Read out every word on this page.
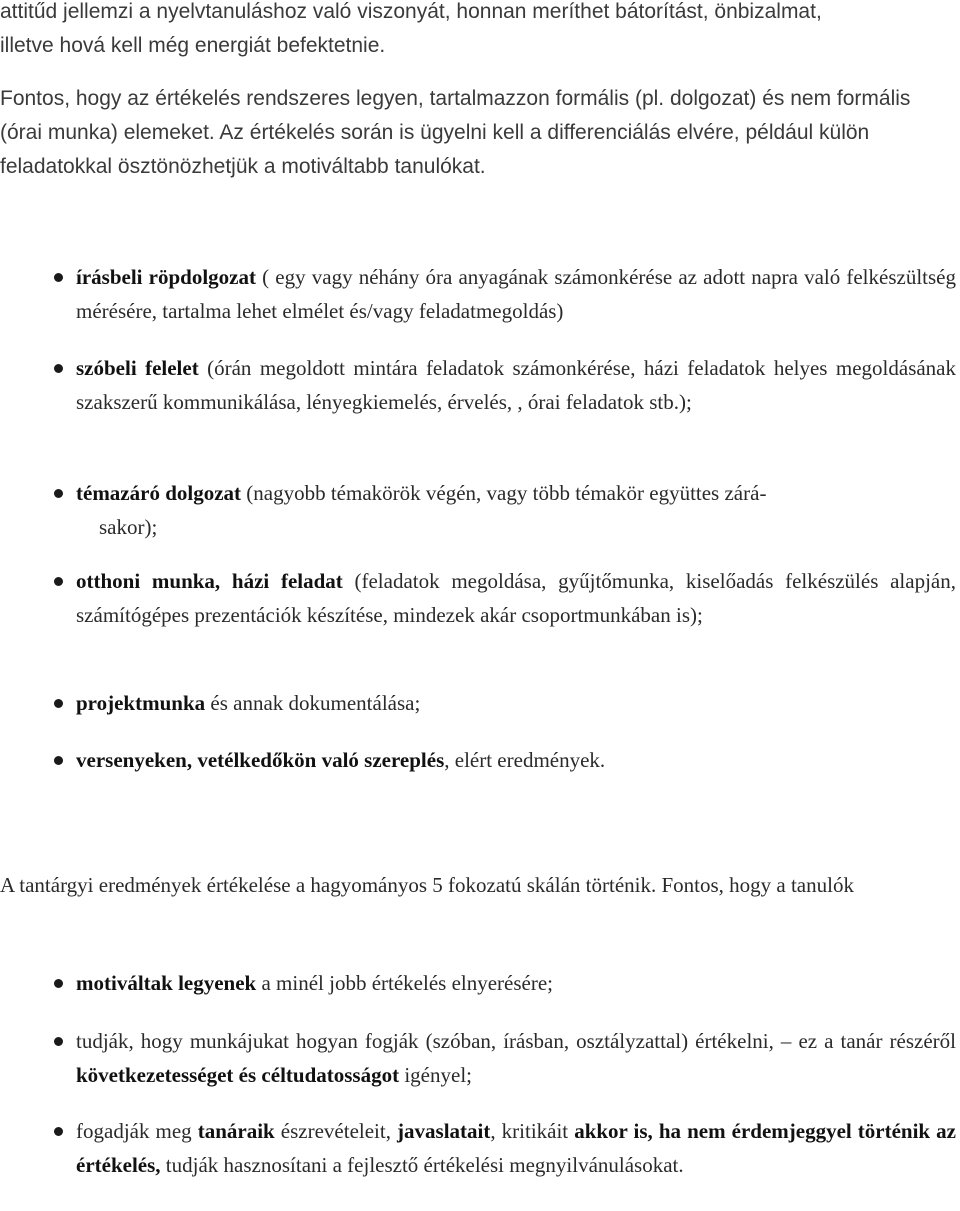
attitűd jellemzi a nyelvtanuláshoz való viszonyát, honnan meríthet bátorítást, önbizalmat,
illetve hová kell még energiát befektetnie.

Fontos, hogy az értékelés rendszeres legyen, tartalmazzon formális (pl. dolgozat) és nem formális (órai munka) elemeket. Az értékelés során is ügyelni kell a differenciálás elvére, például külön feladatokkal ösztönözhetjük a motiváltabb tanulókat.

írásbeli röpdolgozat ( egy vagy néhány óra anyagának számonkérése az adott napra való felkészültség mérésére, tartalma lehet elmélet és/vagy feladatmegoldás)
szóbeli felelet (órán megoldott mintára feladatok számonkérése, házi feladatok helyes megoldásának szakszerű kommunikálása, lényegkiemelés, érvelés, , órai feladatok stb.);
témazáró dolgozat (nagyobb témakörök végén, vagy több témakör együttes zárá-
sakor);
otthoni munka, házi feladat (feladatok megoldása, gyűjtőmunka, kiselőadás felkészülés alapján, számítógépes prezentációk készítése, mindezek akár csoportmunkában is);
projektmunka és annak dokumentálása;
versenyeken, vetélkedőkön való szereplés, elért eredmények.

A tantárgyi eredmények értékelése a hagyományos 5 fokozatú skálán történik. Fontos, hogy a tanulók

motiváltak legyenek a minél jobb értékelés elnyerésére;
tudják, hogy munkájukat hogyan fogják (szóban, írásban, osztályzattal) értékelni, – ez a tanár részéről következetességet és céltudatosságot igényel;
fogadják meg tanáraik észrevételeit, javaslatait, kritikáit akkor is, ha nem érdemjeggyel történik az értékelés, tudják hasznosítani a fejlesztő értékelési megnyilvánulásokat.
